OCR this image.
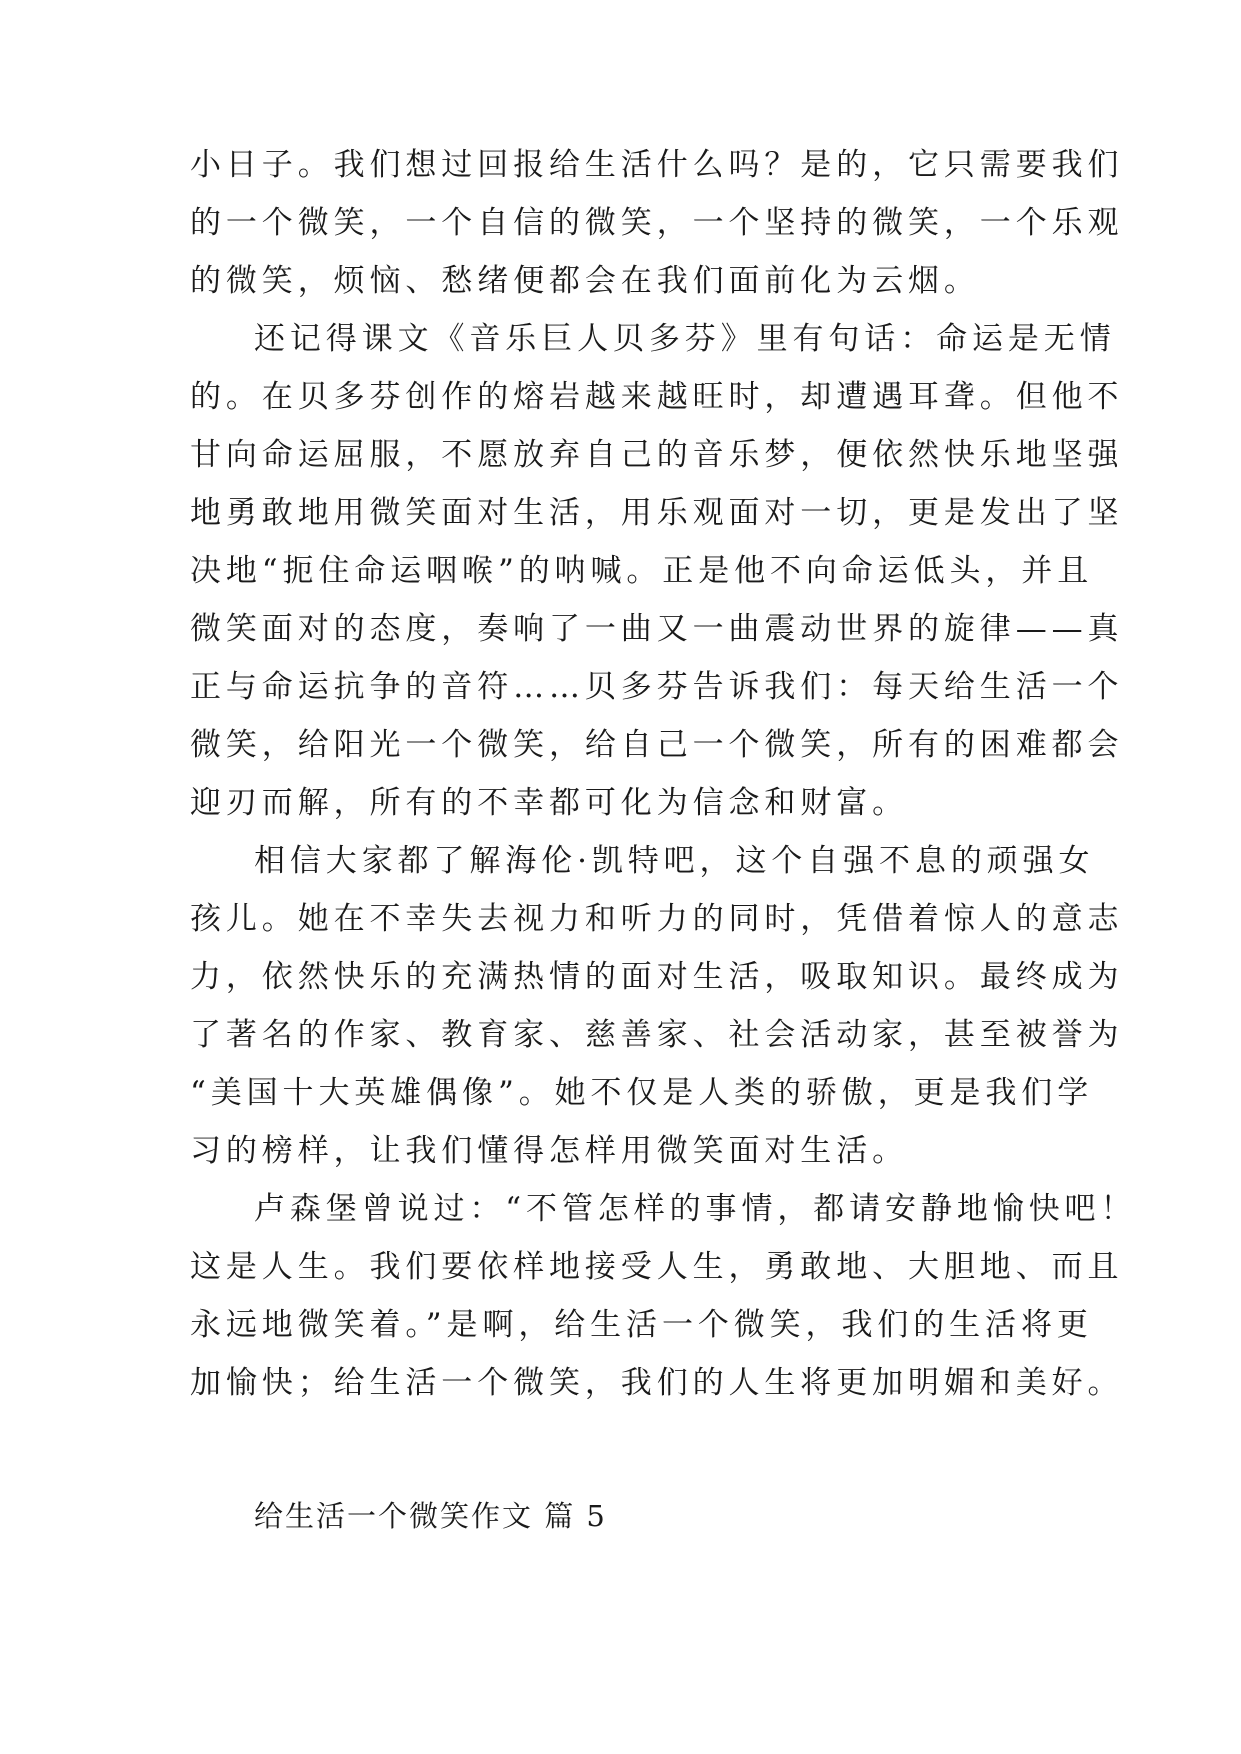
小日子。我们想过回报给生活什么吗？是的，它只需要我们
的一个微笑，一个自信的微笑，一个坚持的微笑，一个乐观
的微笑，烦恼、愁绪便都会在我们面前化为云烟。
还记得课文《音乐巨人贝多芬》里有句话：命运是无情
的。在贝多芬创作的熔岩越来越旺时，却遭遇耳聋。但他不
甘向命运屈服，不愿放弃自己的音乐梦，便依然快乐地坚强
地勇敢地用微笑面对生活，用乐观面对一切，更是发出了坚
决地“扼住命运咽喉”的呐喊。正是他不向命运低头，并且
微笑面对的态度，奏响了一曲又一曲震动世界的旋律——真
正与命运抗争的音符……贝多芬告诉我们：每天给生活一个
微笑，给阳光一个微笑，给自己一个微笑，所有的困难都会
迎刃而解，所有的不幸都可化为信念和财富。
相信大家都了解海伦·凯特吧，这个自强不息的顽强女
孩儿。她在不幸失去视力和听力的同时，凭借着惊人的意志
力，依然快乐的充满热情的面对生活，吸取知识。最终成为
了著名的作家、教育家、慈善家、社会活动家，甚至被誉为
“美国十大英雄偶像”。她不仅是人类的骄傲，更是我们学
习的榜样，让我们懂得怎样用微笑面对生活。
卢森堡曾说过：“不管怎样的事情，都请安静地愉快吧！
这是人生。我们要依样地接受人生，勇敢地、大胆地、而且
永远地微笑着。”是啊，给生活一个微笑，我们的生活将更
加愉快；给生活一个微笑，我们的人生将更加明媚和美好。
给生活一个微笑作文 篇 5
